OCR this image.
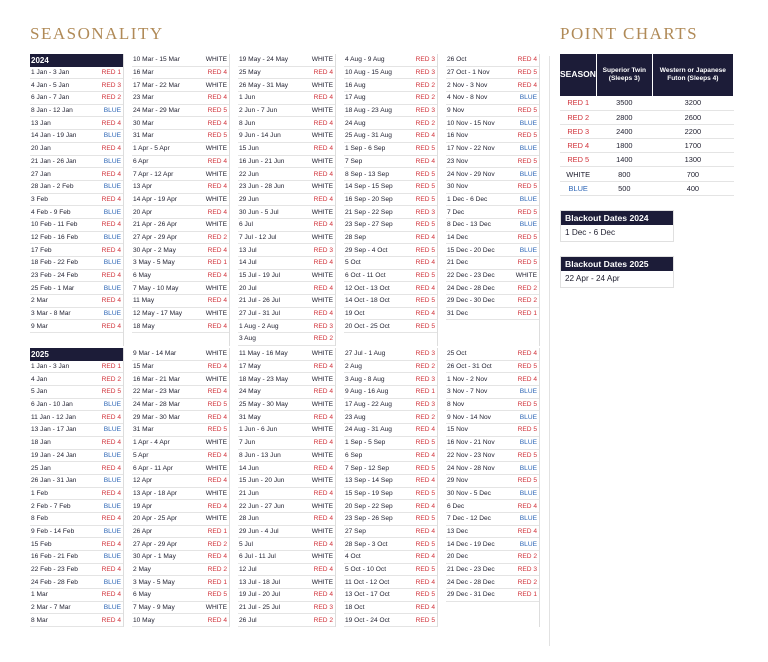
SEASONALITY	POINT CHARTS
2024
1 Jan - 3 Jan	RED 1
4 Jan - 5 Jan	RED 3
6 Jan - 7 Jan	RED 2
8 Jan - 12 Jan	BLUE
13 Jan	RED 4
14 Jan - 19 Jan	BLUE
20 Jan	RED 4
21 Jan - 26 Jan	BLUE
27 Jan	RED 4
28 Jan - 2 Feb	BLUE
3 Feb	RED 4
4 Feb - 9 Feb	BLUE
10 Feb - 11 Feb	RED 4
12 Feb - 16 Feb	BLUE
17 Feb	RED 4
18 Feb - 22 Feb	BLUE
23 Feb - 24 Feb	RED 4
25 Feb - 1 Mar	BLUE
2 Mar	RED 4
3 Mar - 8 Mar	BLUE
9 Mar	RED 4
10 Mar - 15 Mar	WHITE
16 Mar	RED 4
17 Mar - 22 Mar	WHITE
23 Mar	RED 4
24 Mar - 29 Mar	RED 5
30 Mar	RED 4
31 Mar	RED 5
1 Apr - 5 Apr	WHITE
6 Apr	RED 4
7 Apr - 12 Apr	WHITE
13 Apr	RED 4
14 Apr - 19 Apr	WHITE
20 Apr	RED 4
21 Apr - 26 Apr	WHITE
27 Apr - 29 Apr	RED 2
30 Apr - 2 May	RED 4
3 May - 5 May	RED 1
6 May	RED 4
7 May - 10 May	WHITE
11 May	RED 4
12 May - 17 May	WHITE
18 May	RED 4
19 May - 24 May	WHITE
25 May	RED 4
26 May - 31 May	WHITE
1 Jun	RED 4
2 Jun - 7 Jun	WHITE
8 Jun	RED 4
9 Jun - 14 Jun	WHITE
15 Jun	RED 4
16 Jun - 21 Jun	WHITE
22 Jun	RED 4
23 Jun - 28 Jun	WHITE
29 Jun	RED 4
30 Jun - 5 Jul	WHITE
6 Jul	RED 4
7 Jul - 12 Jul	WHITE
13 Jul	RED 3
14 Jul	RED 4
15 Jul - 19 Jul	WHITE
20 Jul	RED 4
21 Jul - 26 Jul	WHITE
27 Jul - 31 Jul	RED 4
1 Aug - 2 Aug	RED 3
3 Aug	RED 2
4 Aug - 9 Aug	RED 3
10 Aug - 15 Aug	RED 3
16 Aug	RED 2
17 Aug	RED 2
18 Aug - 23 Aug	RED 3
24 Aug	RED 2
25 Aug - 31 Aug	RED 4
1 Sep - 6 Sep	RED 5
7 Sep	RED 4
8 Sep - 13 Sep	RED 5
14 Sep - 15 Sep	RED 5
16 Sep - 20 Sep	RED 5
21 Sep - 22 Sep	RED 3
23 Sep - 27 Sep	RED 5
28 Sep	RED 4
29 Sep - 4 Oct	RED 5
5 Oct	RED 4
6 Oct - 11 Oct	RED 5
12 Oct - 13 Oct	RED 4
14 Oct - 18 Oct	RED 5
19 Oct	RED 4
20 Oct - 25 Oct	RED 5
26 Oct	RED 4
27 Oct - 1 Nov	RED 5
2 Nov - 3 Nov	RED 4
4 Nov - 8 Nov	BLUE
9 Nov	RED 5
10 Nov - 15 Nov	BLUE
16 Nov	RED 5
17 Nov - 22 Nov	BLUE
23 Nov	RED 5
24 Nov - 29 Nov	BLUE
30 Nov	RED 5
1 Dec - 6 Dec	BLUE
7 Dec	RED 5
8 Dec - 13 Dec	BLUE
14 Dec	RED 5
15 Dec - 20 Dec	BLUE
21 Dec	RED 5
22 Dec - 23 Dec	WHITE
24 Dec - 28 Dec	RED 2
29 Dec - 30 Dec	RED 2
31 Dec	RED 1
2025
1 Jan - 3 Jan	RED 1
4 Jan	RED 2
5 Jan	RED 5
6 Jan - 10 Jan	BLUE
11 Jan - 12 Jan	RED 4
13 Jan - 17 Jan	BLUE
18 Jan	RED 4
19 Jan - 24 Jan	BLUE
25 Jan	RED 4
26 Jan - 31 Jan	BLUE
1 Feb	RED 4
2 Feb - 7 Feb	BLUE
8 Feb	RED 4
9 Feb - 14 Feb	BLUE
15 Feb	RED 4
16 Feb - 21 Feb	BLUE
22 Feb - 23 Feb	RED 4
24 Feb - 28 Feb	BLUE
1 Mar	RED 4
2 Mar - 7 Mar	BLUE
8 Mar	RED 4
9 Mar - 14 Mar	WHITE
15 Mar	RED 4
16 Mar - 21 Mar	WHITE
22 Mar - 23 Mar	RED 4
24 Mar - 28 Mar	RED 5
29 Mar - 30 Mar	RED 4
31 Mar	RED 5
1 Apr - 4 Apr	WHITE
5 Apr	RED 4
6 Apr - 11 Apr	WHITE
12 Apr	RED 4
13 Apr - 18 Apr	WHITE
19 Apr	RED 4
20 Apr - 25 Apr	WHITE
26 Apr	RED 1
27 Apr - 29 Apr	RED 2
30 Apr - 1 May	RED 4
2 May	RED 2
3 May - 5 May	RED 1
6 May	RED 5
7 May - 9 May	WHITE
10 May	RED 4
11 May - 16 May	WHITE
17 May	RED 4
18 May - 23 May	WHITE
24 May	RED 4
25 May - 30 May	WHITE
31 May	RED 4
1 Jun - 6 Jun	WHITE
7 Jun	RED 4
8 Jun - 13 Jun	WHITE
14 Jun	RED 4
15 Jun - 20 Jun	WHITE
21 Jun	RED 4
22 Jun - 27 Jun	WHITE
28 Jun	RED 4
29 Jun - 4 Jul	WHITE
5 Jul	RED 4
6 Jul - 11 Jul	WHITE
12 Jul	RED 4
13 Jul - 18 Jul	WHITE
19 Jul - 20 Jul	RED 4
21 Jul - 25 Jul	RED 3
26 Jul	RED 2
27 Jul - 1 Aug	RED 3
2 Aug	RED 2
3 Aug - 8 Aug	RED 3
9 Aug - 16 Aug	RED 1
17 Aug - 22 Aug	RED 3
23 Aug	RED 2
24 Aug - 31 Aug	RED 4
1 Sep - 5 Sep	RED 5
6 Sep	RED 4
7 Sep - 12 Sep	RED 5
13 Sep - 14 Sep	RED 4
15 Sep - 19 Sep	RED 5
20 Sep - 22 Sep	RED 4
23 Sep - 26 Sep	RED 5
27 Sep	RED 4
28 Sep - 3 Oct	RED 5
4 Oct	RED 4
5 Oct - 10 Oct	RED 5
11 Oct - 12 Oct	RED 4
13 Oct - 17 Oct	RED 5
18 Oct	RED 4
19 Oct - 24 Oct	RED 5
25 Oct	RED 4
26 Oct - 31 Oct	RED 5
1 Nov - 2 Nov	RED 4
3 Nov - 7 Nov	BLUE
8 Nov	RED 5
9 Nov - 14 Nov	BLUE
15 Nov	RED 5
16 Nov - 21 Nov	BLUE
22 Nov - 23 Nov	RED 5
24 Nov - 28 Nov	BLUE
29 Nov	RED 5
30 Nov - 5 Dec	BLUE
6 Dec	RED 4
7 Dec - 12 Dec	BLUE
13 Dec	RED 4
14 Dec - 19 Dec	BLUE
20 Dec	RED 2
21 Dec - 23 Dec	RED 3
24 Dec - 28 Dec	RED 2
29 Dec - 31 Dec	RED 1
SEASON	Superior Twin (Sleeps 3)	Western or Japanese Futon (Sleeps 4)
RED 1	3500	3200
RED 2	2800	2600
RED 3	2400	2200
RED 4	1800	1700
RED 5	1400	1300
WHITE	800	700
BLUE	500	400
Blackout Dates 2024
1 Dec - 6 Dec
Blackout Dates 2025
22 Apr - 24 Apr
